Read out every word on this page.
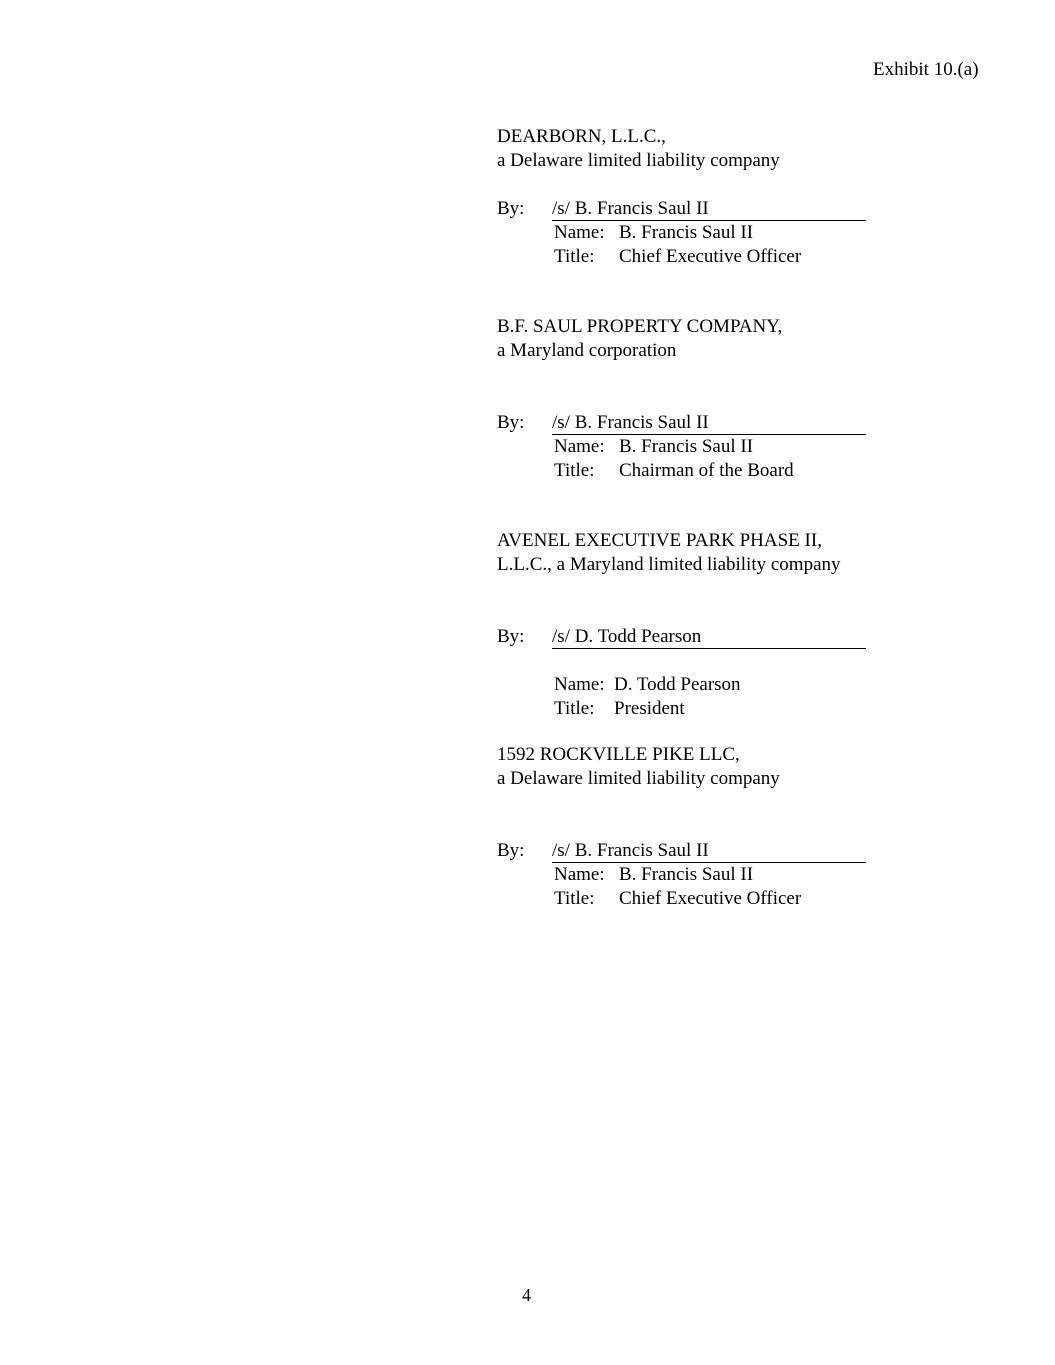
Exhibit 10.(a)
DEARBORN, L.L.C.,
a Delaware limited liability company
By: /s/ B. Francis Saul II
Name: B. Francis Saul II
Title: Chief Executive Officer
B.F. SAUL PROPERTY COMPANY,
a Maryland corporation
By: /s/ B. Francis Saul II
Name: B. Francis Saul II
Title: Chairman of the Board
AVENEL EXECUTIVE PARK PHASE II,
L.L.C., a Maryland limited liability company
By: /s/ D. Todd Pearson
Name: D. Todd Pearson
Title: President
1592 ROCKVILLE PIKE LLC,
a Delaware limited liability company
By: /s/ B. Francis Saul II
Name: B. Francis Saul II
Title: Chief Executive Officer
4
